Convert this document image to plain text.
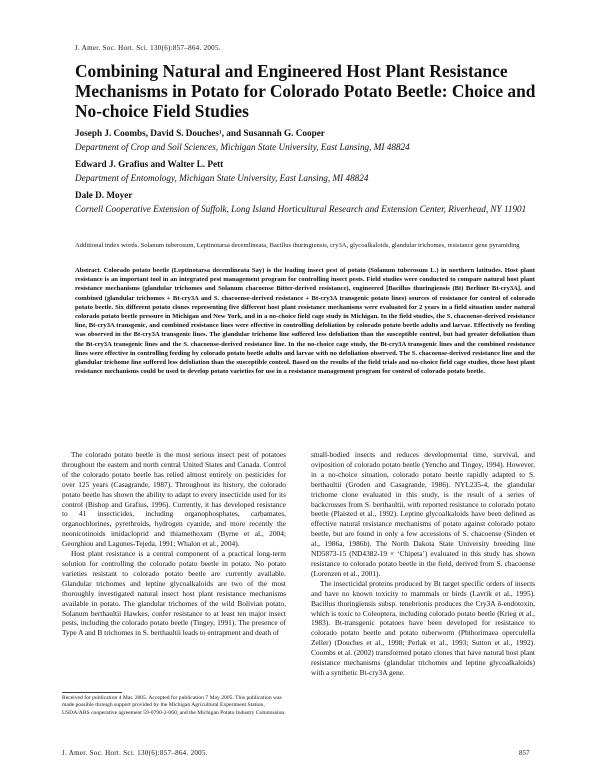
J. Amer. Soc. Hort. Sci. 130(6):857–864. 2005.
Combining Natural and Engineered Host Plant Resistance Mechanisms in Potato for Colorado Potato Beetle: Choice and No-choice Field Studies
Joseph J. Coombs, David S. Douches¹, and Susannah G. Cooper
Department of Crop and Soil Sciences, Michigan State University, East Lansing, MI 48824
Edward J. Grafius and Walter L. Pett
Department of Entomology, Michigan State University, East Lansing, MI 48824
Dale D. Moyer
Cornell Cooperative Extension of Suffolk, Long Island Horticultural Research and Extension Center, Riverhead, NY 11901
Additional index words. Solanum tuberosum, Leptinotarsa decemlineata, Bacillus thuringiensis, cry3A, glycoalkaloids, glandular trichomes, resistance gene pyramiding
Abstract. Colorado potato beetle (Leptinotarsa decemlineata Say) is the leading insect pest of potato (Solanum tuberosum L.) in northern latitudes. Host plant resistance is an important tool in an integrated pest management program for controlling insect pests. Field studies were conducted to compare natural host plant resistance mechanisms (glandular trichomes and Solanum chacoense Bitter-derived resistance), engineered [Bacillus thuringiensis (Bt) Berliner Bt-cry3A], and combined (glandular trichomes + Bt-cry3A and S. chacoense-derived resistance + Bt-cry3A transgenic potato lines) sources of resistance for control of colorado potato beetle. Six different potato clones representing five different host plant resistance mechanisms were evaluated for 2 years in a field situation under natural colorado potato beetle pressure in Michigan and New York, and in a no-choice field cage study in Michigan. In the field studies, the S. chacoense-derived resistance line, Bt-cry3A transgenic, and combined resistance lines were effective in controlling defoliation by colorado potato beetle adults and larvae. Effectively no feeding was observed in the Bt-cry3A transgenic lines. The glandular trichome line suffered less defoliation than the susceptible control, but had greater defoliation than the Bt-cry3A transgenic lines and the S. chacoense-derived resistance line. In the no-choice cage study, the Bt-cry3A transgenic lines and the combined resistance lines were effective in controlling feeding by colorado potato beetle adults and larvae with no defoliation observed. The S. chacoense-derived resistance line and the glandular trichome line suffered less defoliation than the susceptible control. Based on the results of the field trials and no-choice field cage studies, these host plant resistance mechanisms could be used to develop potato varieties for use in a resistance management program for control of colorado potato beetle.

The colorado potato beetle is the most serious insect pest of potatoes throughout the eastern and north central United States and Canada. Control of the colorado potato beetle has relied almost entirely on pesticides for over 125 years (Casagrande, 1987). Throughout its history, the colorado potato beetle has shown the ability to adapt to every insecticide used for its control (Bishop and Grafius, 1996). Currently, it has developed resistance to 41 insecticides, including organophosphates, carbamates, organochlorines, pyrethroids, hydrogen cyanide, and more recently the neonicotinoids imidacloprid and thiamethoxam (Byrne et al., 2004; Georghiou and Lagunes-Tejeda, 1991; Whalon et al., 2004).

Host plant resistance is a central component of a practical long-term solution for controlling the colorado potato beetle in potato. No potato varieties resistant to colorado potato beetle are currently available. Glandular trichomes and leptine glycoalkaloids are two of the most thoroughly investigated natural insect host plant resistance mechanisms available in potato. The glandular trichomes of the wild Bolivian potato, Solanum berthaultii Hawkes, confer resistance to at least ten major insect pests, including the colorado potato beetle (Tingey, 1991). The presence of Type A and B trichomes in S. berthaultii leads to entrapment and death of

small-bodied insects and reduces developmental time, survival, and oviposition of colorado potato beetle (Yencho and Tingey, 1994). However, in a no-choice situation, colorado potato beetle rapidly adapted to S. berthaultii (Groden and Casagrande, 1986). NYL235-4, the glandular trichome clone evaluated in this study, is the result of a series of backcrosses from S. berthaultii, with reported resistance to colorado potato beetle (Plaisted et al., 1992). Leptine glycoalkaloids have been defined as effective natural resistance mechanisms of potato against colorado potato beetle, but are found in only a few accessions of S. chacoense (Sinden et al., 1986a, 1986b). The North Dakota State University breeding line ND5873-15 (ND4382-19 × ‘Chipeta’) evaluated in this study has shown resistance to colorado potato beetle in the field, derived from S. chacoense (Lorenzen et al., 2001).

The insecticidal proteins produced by Bt target specific orders of insects and have no known toxicity to mammals or birds (Lavrik et al., 1995). Bacillus thuringiensis subsp. tenebrionis produces the Cry3A δ-endotoxin, which is toxic to Coleoptera, including colorado potato beetle (Krieg et al., 1983). Bt-transgenic potatoes have been developed for resistance to colorado potato beetle and potato tuberworm (Phthorimaea operculella Zeller) (Douches et al., 1998; Perlak et al., 1993; Sutton et al., 1992). Coombs et al. (2002) transformed potato clones that have natural host plant resistance mechanisms (glandular trichomes and leptine glycoalkaloids) with a synthetic Bt-cry3A gene.

Received for publication 4 Mar. 2005. Accepted for publication 7 May 2005. This publication was made possible through support provided by the Michigan Agricultural Experiment Station, USDA/ARS cooperative agreement 59-0790-2-060, and the Michigan Potato Industry Commission.
J. Amer. Soc. Hort. Sci. 130(6):857–864. 2005.	857
